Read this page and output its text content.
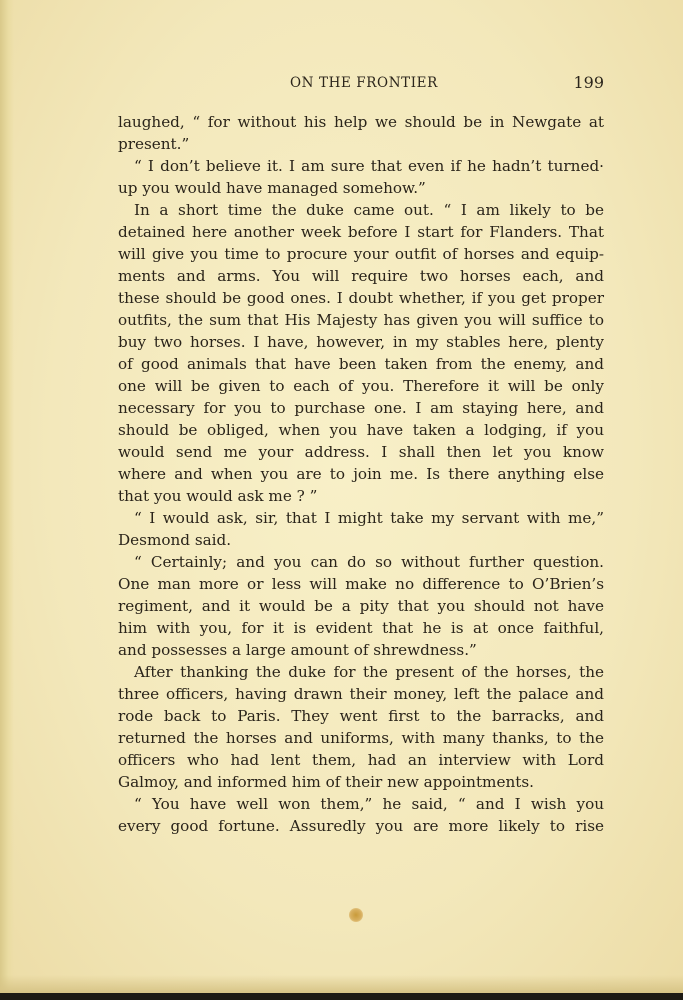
ON THE FRONTIER	199
laughed, “ for without his help we should be in Newgate at
present.”
“ I don’t believe it. I am sure that even if he hadn’t turned·
up you would have managed somehow.”
In a short time the duke came out. “ I am likely to be
detained here another week before I start for Flanders. That
will give you time to procure your outfit of horses and equip-
ments and arms. You will require two horses each, and
these should be good ones. I doubt whether, if you get proper
outfits, the sum that His Majesty has given you will suffice to
buy two horses. I have, however, in my stables here, plenty
of good animals that have been taken from the enemy, and
one will be given to each of you. Therefore it will be only
necessary for you to purchase one. I am staying here, and
should be obliged, when you have taken a lodging, if you
would send me your address. I shall then let you know
where and when you are to join me. Is there anything else
that you would ask me ? ”
“ I would ask, sir, that I might take my servant with me,”
Desmond said.
“ Certainly; and you can do so without further question.
One man more or less will make no difference to O’Brien’s
regiment, and it would be a pity that you should not have
him with you, for it is evident that he is at once faithful,
and possesses a large amount of shrewdness.”
After thanking the duke for the present of the horses, the
three officers, having drawn their money, left the palace and
rode back to Paris. They went first to the barracks, and
returned the horses and uniforms, with many thanks, to the
officers who had lent them, had an interview with Lord
Galmoy, and informed him of their new appointments.
“ You have well won them,” he said, “ and I wish you
every good fortune. Assuredly you are more likely to rise
